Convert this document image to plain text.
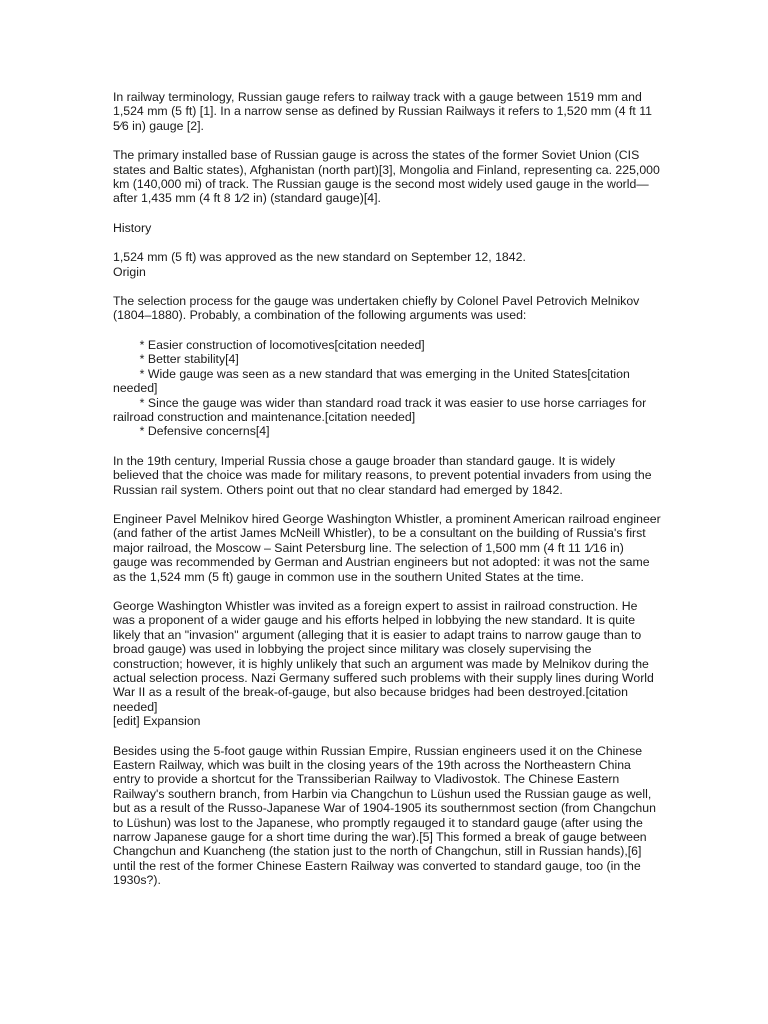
In railway terminology, Russian gauge refers to railway track with a gauge between 1519 mm and 1,524 mm (5 ft) [1]. In a narrow sense as defined by Russian Railways it refers to 1,520 mm (4 ft 11 5⁄6 in) gauge [2].

The primary installed base of Russian gauge is across the states of the former Soviet Union (CIS states and Baltic states), Afghanistan (north part)[3], Mongolia and Finland, representing ca. 225,000 km (140,000 mi) of track. The Russian gauge is the second most widely used gauge in the world—after 1,435 mm (4 ft 8 1⁄2 in) (standard gauge)[4].

History

1,524 mm (5 ft) was approved as the new standard on September 12, 1842.

Origin

The selection process for the gauge was undertaken chiefly by Colonel Pavel Petrovich Melnikov (1804–1880). Probably, a combination of the following arguments was used:

* Easier construction of locomotives[citation needed]
* Better stability[4]
* Wide gauge was seen as a new standard that was emerging in the United States[citation needed]
* Since the gauge was wider than standard road track it was easier to use horse carriages for railroad construction and maintenance.[citation needed]
* Defensive concerns[4]

In the 19th century, Imperial Russia chose a gauge broader than standard gauge. It is widely believed that the choice was made for military reasons, to prevent potential invaders from using the Russian rail system. Others point out that no clear standard had emerged by 1842.

Engineer Pavel Melnikov hired George Washington Whistler, a prominent American railroad engineer (and father of the artist James McNeill Whistler), to be a consultant on the building of Russia's first major railroad, the Moscow – Saint Petersburg line. The selection of 1,500 mm (4 ft 11 1⁄16 in) gauge was recommended by German and Austrian engineers but not adopted: it was not the same as the 1,524 mm (5 ft) gauge in common use in the southern United States at the time.

George Washington Whistler was invited as a foreign expert to assist in railroad construction. He was a proponent of a wider gauge and his efforts helped in lobbying the new standard. It is quite likely that an "invasion" argument (alleging that it is easier to adapt trains to narrow gauge than to broad gauge) was used in lobbying the project since military was closely supervising the construction; however, it is highly unlikely that such an argument was made by Melnikov during the actual selection process. Nazi Germany suffered such problems with their supply lines during World War II as a result of the break-of-gauge, but also because bridges had been destroyed.[citation needed]

[edit] Expansion

Besides using the 5-foot gauge within Russian Empire, Russian engineers used it on the Chinese Eastern Railway, which was built in the closing years of the 19th across the Northeastern China entry to provide a shortcut for the Transsiberian Railway to Vladivostok. The Chinese Eastern Railway's southern branch, from Harbin via Changchun to Lüshun used the Russian gauge as well, but as a result of the Russo-Japanese War of 1904-1905 its southernmost section (from Changchun to Lüshun) was lost to the Japanese, who promptly regauged it to standard gauge (after using the narrow Japanese gauge for a short time during the war).[5] This formed a break of gauge between Changchun and Kuancheng (the station just to the north of Changchun, still in Russian hands),[6] until the rest of the former Chinese Eastern Railway was converted to standard gauge, too (in the 1930s?).
